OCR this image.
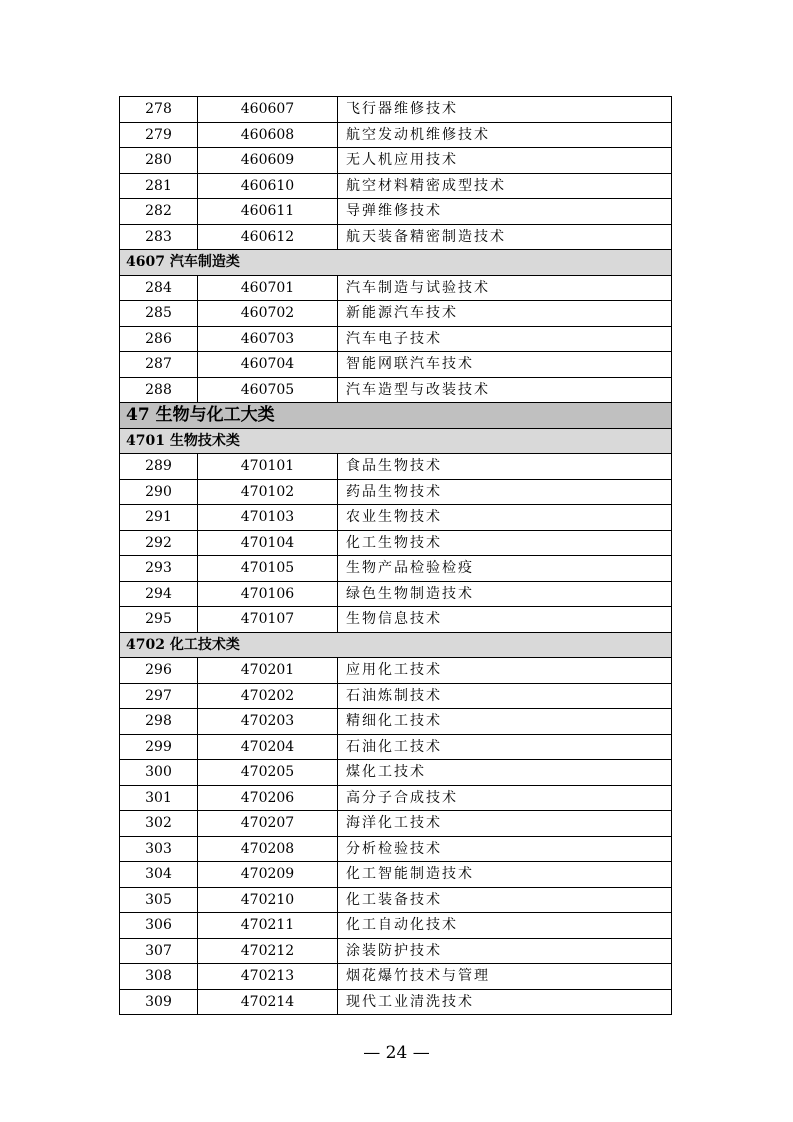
278	460607	飞行器维修技术
279	460608	航空发动机维修技术
280	460609	无人机应用技术
281	460610	航空材料精密成型技术
282	460611	导弹维修技术
283	460612	航天装备精密制造技术
4607 汽车制造类		
284	460701	汽车制造与试验技术
285	460702	新能源汽车技术
286	460703	汽车电子技术
287	460704	智能网联汽车技术
288	460705	汽车造型与改装技术
47 生物与化工大类		
4701 生物技术类		
289	470101	食品生物技术
290	470102	药品生物技术
291	470103	农业生物技术
292	470104	化工生物技术
293	470105	生物产品检验检疫
294	470106	绿色生物制造技术
295	470107	生物信息技术
4702 化工技术类		
296	470201	应用化工技术
297	470202	石油炼制技术
298	470203	精细化工技术
299	470204	石油化工技术
300	470205	煤化工技术
301	470206	高分子合成技术
302	470207	海洋化工技术
303	470208	分析检验技术
304	470209	化工智能制造技术
305	470210	化工装备技术
306	470211	化工自动化技术
307	470212	涂装防护技术
308	470213	烟花爆竹技术与管理
309	470214	现代工业清洗技术
— 24 —
